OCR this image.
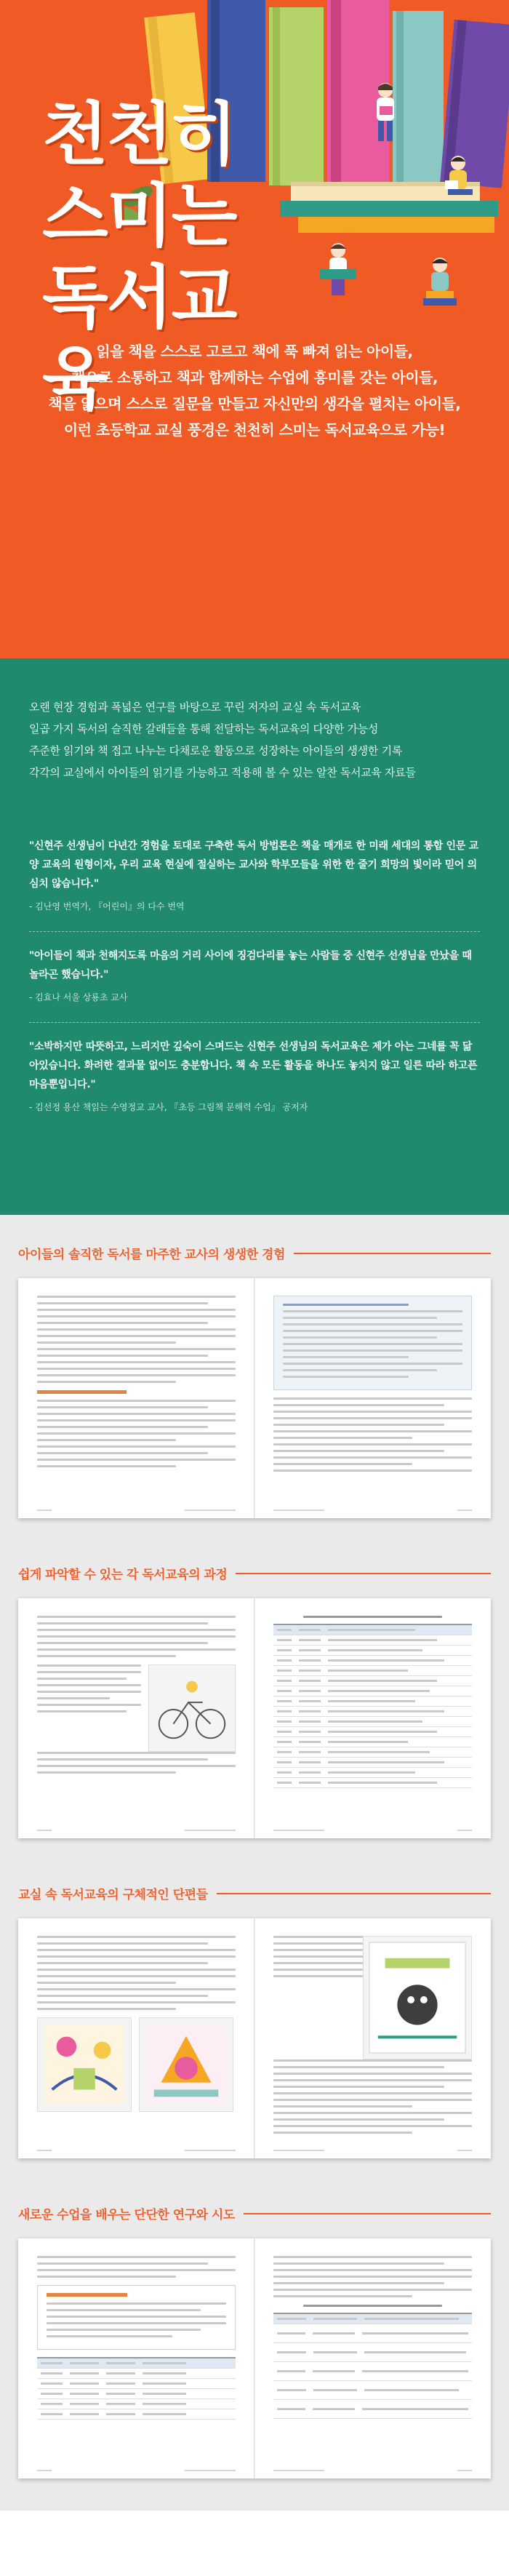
천천히
스미는
독서교육

읽을 책을 스스로 고르고 책에 푹 빠져 읽는 아이들,

책으로 소통하고 책과 함께하는 수업에 흥미를 갖는 아이들,

책을 읽으며 스스로 질문을 만들고 자신만의 생각을 펼치는 아이들,

이런 초등학교 교실 풍경은 천천히 스미는 독서교육으로 가능!

오랜 현장 경험과 폭넓은 연구를 바탕으로 꾸린 저자의 교실 속 독서교육

일곱 가지 독서의 슬직한 갈래들을 통해 전달하는 독서교육의 다양한 가능성

주준한 읽기와 책 접고 나누는 다채로운 활동으로 성장하는 아이들의 생생한 기록

각각의 교실에서 아이들의 읽기를 가능하고 적용해 볼 수 있는 알찬 독서교육 자료들

"신현주 선생님이 다년간 경험을 토대로 구축한 독서 방법론은 책을 매개로 한 미래 세대의 통합 인문 교양 교육의 원형이자, 우리 교육 현실에 절실하는 교사와 학부모들을 위한 한 줄기 희망의 빛이라 믿어 의심치 않습니다."

- 김난영 번역가, 『어린이』의 다수 번역

"아이들이 책과 천해지도록 마음의 거리 사이에 징검다리를 놓는 사람들 중 신현주 선생님을 만났을 때 놀라곤 했습니다."

- 김효나 서울 상룡초 교사

"소박하지만 따뜻하고, 느리지만 깊숙이 스며드는 신현주 선생님의 독서교육은 제가 아는 그네를 꼭 닮아있습니다. 화려한 결과물 없이도 충분합니다. 책 속 모든 활동을 하나도 놓치지 않고 일른 따라 하고픈 마음뿐입니다."

- 김선정 용산 책읽는 수영정교 교사, 『초등 그림책 문해력 수업』 공저자

아이들의 솔직한 독서를 마주한 교사의 생생한 경험
쉽게 파악할 수 있는 각 독서교육의 과정
교실 속 독서교육의 구체적인 단편들
새로운 수업을 배우는 단단한 연구와 시도
